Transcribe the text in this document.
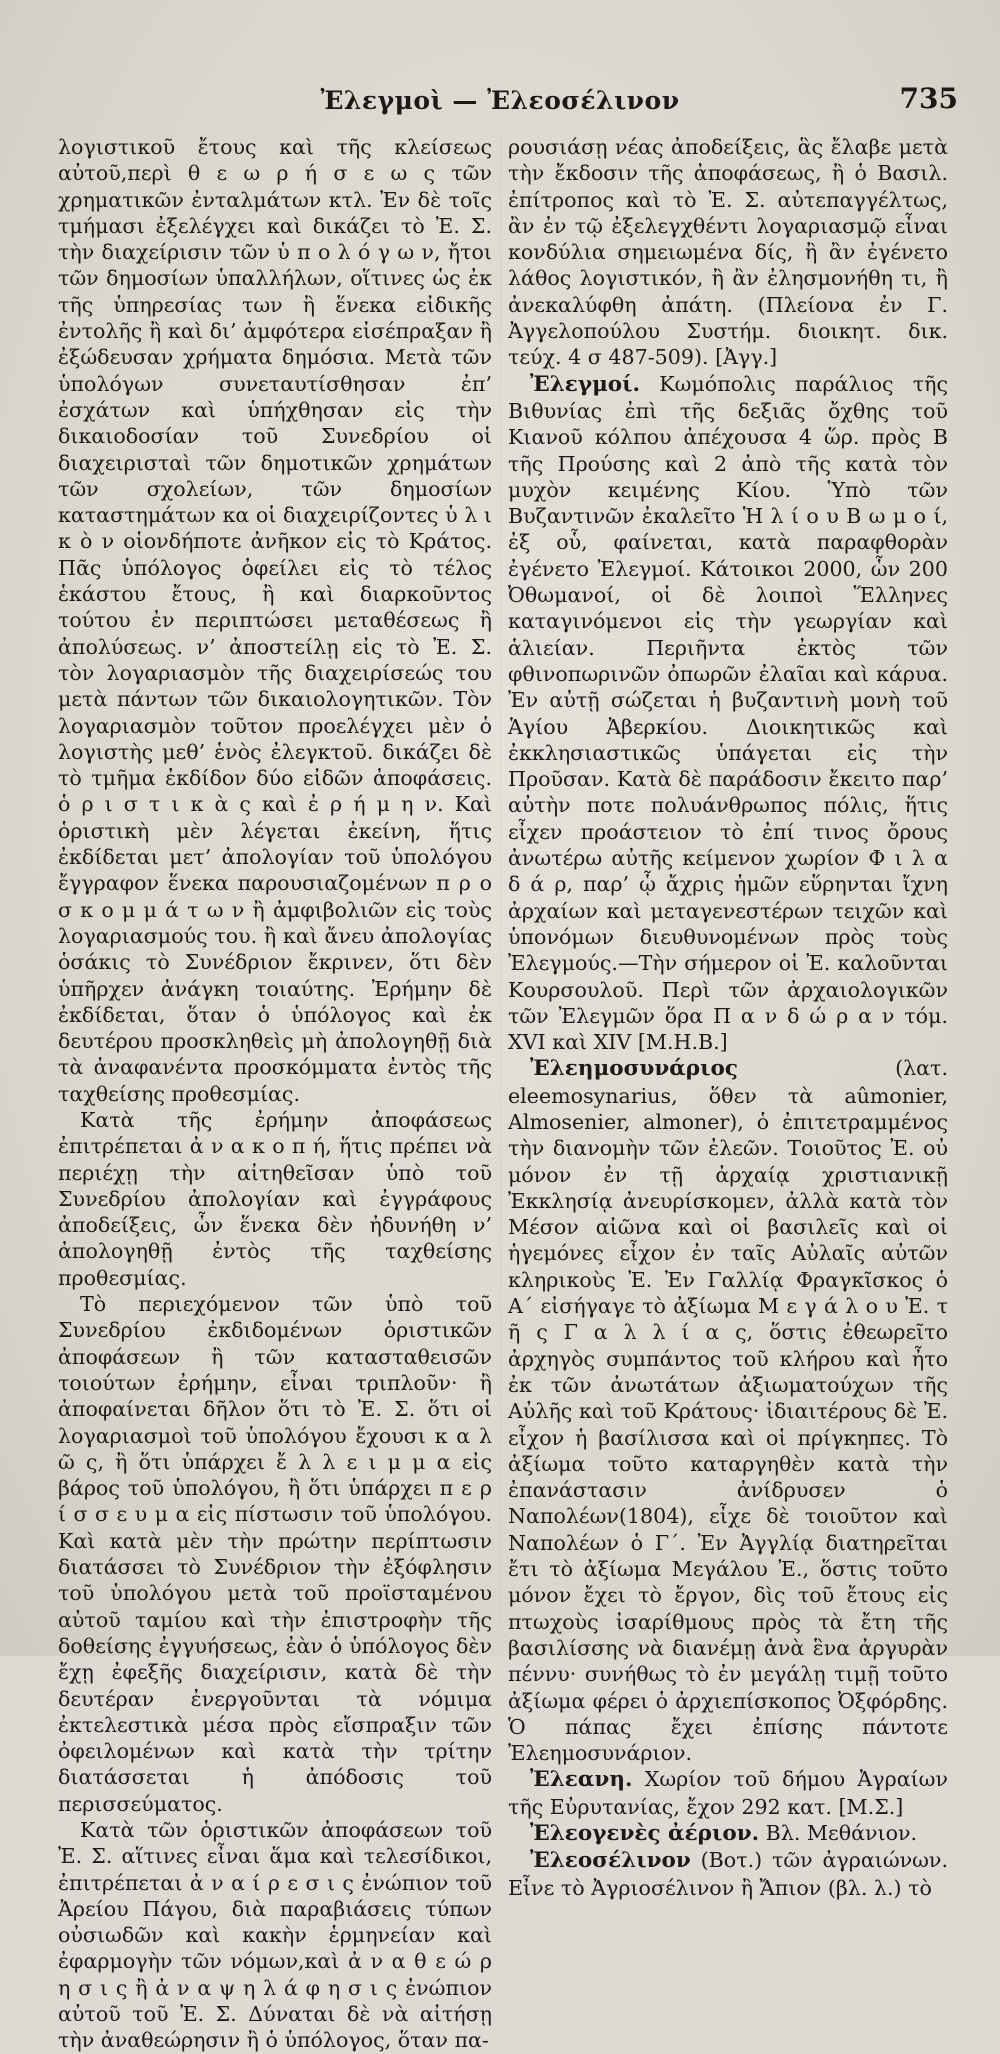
Ἐλεγμοὶ — Ἐλεοσέλινον	735

λογιστικοῦ ἔτους καὶ τῆς κλείσεως αὐτοῦ,περὶ θ ε ω ρ ή σ ε ω ς τῶν χρηματικῶν ἐνταλμάτων κτλ. Ἐν δὲ τοῖς τμήμασι ἐξελέγχει καὶ δικάζει τὸ Ἐ. Σ. τὴν διαχείρισιν τῶν ὑ π ο λ ό γ ω ν, ἤτοι τῶν δημοσίων ὑπαλλήλων, οἵτινες ὡς ἐκ τῆς ὑπηρεσίας των ἢ ἕνεκα εἰδικῆς ἐντολῆς ἢ καὶ δι’ ἀμφότερα εἰσέπραξαν ἢ ἐξώδευσαν χρήματα δημόσια. Μετὰ τῶν ὑπολόγων συνεταυτίσθησαν ἐπ’ ἐσχάτων καὶ ὑπήχθησαν εἰς τὴν δικαιοδοσίαν τοῦ Συνεδρίου οἱ διαχειρισταὶ τῶν δημοτικῶν χρημάτων τῶν σχολείων, τῶν δημοσίων καταστημάτων κα οἱ διαχειρίζοντες ὑ λ ι κ ὸ ν οἱονδήποτε ἀνῆκον εἰς τὸ Κράτος. Πᾶς ὑπόλογος ὀφείλει εἰς τὸ τέλος ἑκάστου ἔτους, ἢ καὶ διαρκοῦντος τούτου ἐν περιπτώσει μεταθέσεως ἢ ἀπολύσεως. ν’ ἀποστείλῃ εἰς τὸ Ἐ. Σ. τὸν λογαριασμὸν τῆς διαχειρίσεώς του μετὰ πάντων τῶν δικαιολογητικῶν. Τὸν λογαριασμὸν τοῦτον προελέγχει μὲν ὁ λογιστὴς μεθ’ ἑνὸς ἐλεγκτοῦ. δικάζει δὲ τὸ τμῆμα ἐκδίδον δύο εἰδῶν ἀποφάσεις. ὁ ρ ι σ τ ι κ ὰ ς καὶ ἐ ρ ή μ η ν. Καὶ ὁριστικὴ μὲν λέγεται ἐκείνη, ἥτις ἐκδίδεται μετ’ ἀπολογίαν τοῦ ὑπολόγου ἔγγραφον ἕνεκα παρουσιαζομένων π ρ ο σ κ ο μ μ ά τ ω ν ἢ ἀμφιβολιῶν εἰς τοὺς λογαριασμούς του. ἢ καὶ ἄνευ ἀπολογίας ὁσάκις τὸ Συνέδριον ἔκρινεν, ὅτι δὲν ὑπῆρχεν ἀνάγκη τοιαύτης. Ἐρήμην δὲ ἐκδίδεται, ὅταν ὁ ὑπόλογος καὶ ἐκ δευτέρου προσκληθεὶς μὴ ἀπολογηθῇ διὰ τὰ ἀναφανέντα προσκόμματα ἐντὸς τῆς ταχθείσης προθεσμίας.

Κατὰ τῆς ἐρήμην ἀποφάσεως ἐπιτρέπεται ἀ ν α κ ο π ή, ἥτις πρέπει νὰ περιέχῃ τὴν αἰτηθεῖσαν ὑπὸ τοῦ Συνεδρίου ἀπολογίαν καὶ ἐγγράφους ἀποδείξεις, ὧν ἕνεκα δὲν ἠδυνήθη ν’ ἀπολογηθῇ ἐντὸς τῆς ταχθείσης προθεσμίας.

Τὸ περιεχόμενον τῶν ὑπὸ τοῦ Συνεδρίου ἐκδιδομένων ὁριστικῶν ἀποφάσεων ἢ τῶν κατασταθεισῶν τοιούτων ἐρήμην, εἶναι τριπλοῦν· ἢ ἀποφαίνεται δῆλον ὅτι τὸ Ἐ. Σ. ὅτι οἱ λογαριασμοὶ τοῦ ὑπολόγου ἔχουσι κ α λ ῶ ς, ἢ ὅτι ὑπάρχει ἔ λ λ ε ι μ μ α εἰς βάρος τοῦ ὑπολόγου, ἢ ὅτι ὑπάρχει π ε ρ ί σ σ ε υ μ α εἰς πίστωσιν τοῦ ὑπολόγου. Καὶ κατὰ μὲν τὴν πρώτην περίπτωσιν διατάσσει τὸ Συνέδριον τὴν ἐξόφλησιν τοῦ ὑπολόγου μετὰ τοῦ προϊσταμένου αὐτοῦ ταμίου καὶ τὴν ἐπιστροφὴν τῆς δοθείσης ἐγγυήσεως, ἐὰν ὁ ὑπόλογος δὲν ἔχῃ ἐφεξῆς διαχείρισιν, κατὰ δὲ τὴν δευτέραν ἐνεργοῦνται τὰ νόμιμα ἐκτελεστικὰ μέσα πρὸς εἴσπραξιν τῶν ὀφειλομένων καὶ κατὰ τὴν τρίτην διατάσσεται ἡ ἀπόδοσις τοῦ περισσεύματος.

Κατὰ τῶν ὁριστικῶν ἀποφάσεων τοῦ Ἐ. Σ. αἵτινες εἶναι ἅμα καὶ τελεσίδικοι, ἐπιτρέπεται ἀ ν α ί ρ ε σ ι ς ἐνώπιον τοῦ Ἀρείου Πάγου, διὰ παραβιάσεις τύπων οὐσιωδῶν καὶ κακὴν ἑρμηνείαν καὶ ἐφαρμογὴν τῶν νόμων,καὶ ἀ ν α θ ε ώ ρ η σ ι ς ἢ ἀ ν α ψ η λ ά φ η σ ι ς ἐνώπιον αὐτοῦ τοῦ Ἐ. Σ. Δύναται δὲ νὰ αἰτήσῃ τὴν ἀναθεώρησιν ἢ ὁ ὑπόλογος, ὅταν πα-

ρουσιάσῃ νέας ἀποδείξεις, ἃς ἔλαβε μετὰ τὴν ἔκδοσιν τῆς ἀποφάσεως, ἢ ὁ Βασιλ. ἐπίτροπος καὶ τὸ Ἐ. Σ. αὐτεπαγγέλτως, ἂν ἐν τῷ ἐξελεγχθέντι λογαριασμῷ εἶναι κονδύλια σημειωμένα δίς, ἢ ἂν ἐγένετο λάθος λογιστικόν, ἢ ἂν ἐλησμονήθη τι, ἢ ἀνεκαλύφθη ἀπάτη. (Πλείονα ἐν Γ. Ἀγγελοπούλου Συστήμ. διοικητ. δικ. τεύχ. 4 σ 487-509). [Ἀγγ.]

Ἐλεγμοί. Κωμόπολις παράλιος τῆς Βιθυνίας ἐπὶ τῆς δεξιᾶς ὄχθης τοῦ Κιανοῦ κόλπου ἀπέχουσα 4 ὥρ. πρὸς Β τῆς Προύσης καὶ 2 ἀπὸ τῆς κατὰ τὸν μυχὸν κειμένης Κίου. Ὑπὸ τῶν Βυζαντινῶν ἐκαλεῖτο Ἡ λ ί ο υ Β ω μ ο ί, ἐξ οὗ, φαίνεται, κατὰ παραφθορὰν ἐγένετο Ἐλεγμοί. Κάτοικοι 2000, ὧν 200 Ὀθωμανοί, οἱ δὲ λοιποὶ Ἕλληνες καταγινόμενοι εἰς τὴν γεωργίαν καὶ ἁλιείαν. Περιῆντα ἐκτὸς τῶν φθινοπωρινῶν ὀπωρῶν ἐλαῖαι καὶ κάρυα. Ἐν αὐτῇ σώζεται ἡ βυζαντινὴ μονὴ τοῦ Ἁγίου Ἀβερκίου. Διοικητικῶς καὶ ἐκκλησιαστικῶς ὑπάγεται εἰς τὴν Προῦσαν. Κατὰ δὲ παράδοσιν ἔκειτο παρ’ αὐτὴν ποτε πολυάνθρωπος πόλις, ἥτις εἶχεν προάστειον τὸ ἐπί τινος ὄρους ἀνωτέρω αὐτῆς κείμενον χωρίον Φ ι λ α δ ά ρ, παρ’ ᾧ ἄχρις ἡμῶν εὕρηνται ἴχνη ἀρχαίων καὶ μεταγενεστέρων τειχῶν καὶ ὑπονόμων διευθυνομένων πρὸς τοὺς Ἐλεγμούς.—Τὴν σήμερον οἱ Ἐ. καλοῦνται Κουρσουλοῦ. Περὶ τῶν ἀρχαιολογικῶν τῶν Ἐλεγμῶν ὅρα Π α ν δ ώ ρ α ν τόμ. XVI καὶ XIV [Μ.Η.Β.]

Ἐλεημοσυνάριος	(λατ. eleemosynarius, ὅθεν τὰ aûmonier, Almosenier, almoner), ὁ ἐπιτετραμμένος τὴν διανομὴν τῶν ἐλεῶν. Τοιοῦτος Ἐ. οὐ μόνον ἐν τῇ ἀρχαίᾳ χριστιανικῇ Ἐκκλησίᾳ ἀνευρίσκομεν, ἀλλὰ κατὰ τὸν Μέσον αἰῶνα καὶ οἱ βασιλεῖς καὶ οἱ ἡγεμόνες εἶχον ἐν ταῖς Αὐλαῖς αὐτῶν κληρικοὺς Ἐ. Ἐν Γαλλίᾳ Φραγκῖσκος ὁ Α΄ εἰσήγαγε τὸ ἀξίωμα Μ ε γ ά λ ο υ Ἐ. τ ῆ ς Γ α λ λ ί α ς, ὅστις ἐθεωρεῖτο ἀρχηγὸς συμπάντος τοῦ κλήρου καὶ ἦτο ἐκ τῶν ἀνωτάτων ἀξιωματούχων τῆς Αὐλῆς καὶ τοῦ Κράτους· ἰδιαιτέρους δὲ Ἐ. εἶχον ἡ βασίλισσα καὶ οἱ πρίγκηπες. Τὸ ἀξίωμα τοῦτο καταργηθὲν κατὰ τὴν ἐπανάστασιν ἀνίδρυσεν ὁ Ναπολέων(1804), εἶχε δὲ τοιοῦτον καὶ Ναπολέων ὁ Γ΄. Ἐν Ἀγγλίᾳ διατηρεῖται ἔτι τὸ ἀξίωμα Μεγάλου Ἐ., ὅστις τοῦτο μόνον ἔχει τὸ ἔργον, δὶς τοῦ ἔτους εἰς πτωχοὺς ἰσαρίθμους πρὸς τὰ ἔτη τῆς βασιλίσσης νὰ διανέμῃ ἀνὰ ἓνα ἀργυρὰν πέννυ· συνήθως τὸ ἐν μεγάλῃ τιμῇ τοῦτο ἀξίωμα φέρει ὁ ἀρχιεπίσκοπος Ὀξφόρδης. Ὁ πάπας ἔχει ἐπίσης πάντοτε Ἐλεημοσυνάριον.

Ἐλεανη. Χωρίον τοῦ δήμου Ἀγραίων τῆς Εὐρυτανίας, ἔχον 292 κατ. [Μ.Σ.]

Ἐλεογενὲς ἀέριον. Βλ. Μεθάνιον.

Ἐλεοσέλινον (Βοτ.) τῶν ἀγραιώνων. Εἶνε τὸ Ἀγριοσέλινον ἢ Ἄπιον (βλ. λ.) τὸ
